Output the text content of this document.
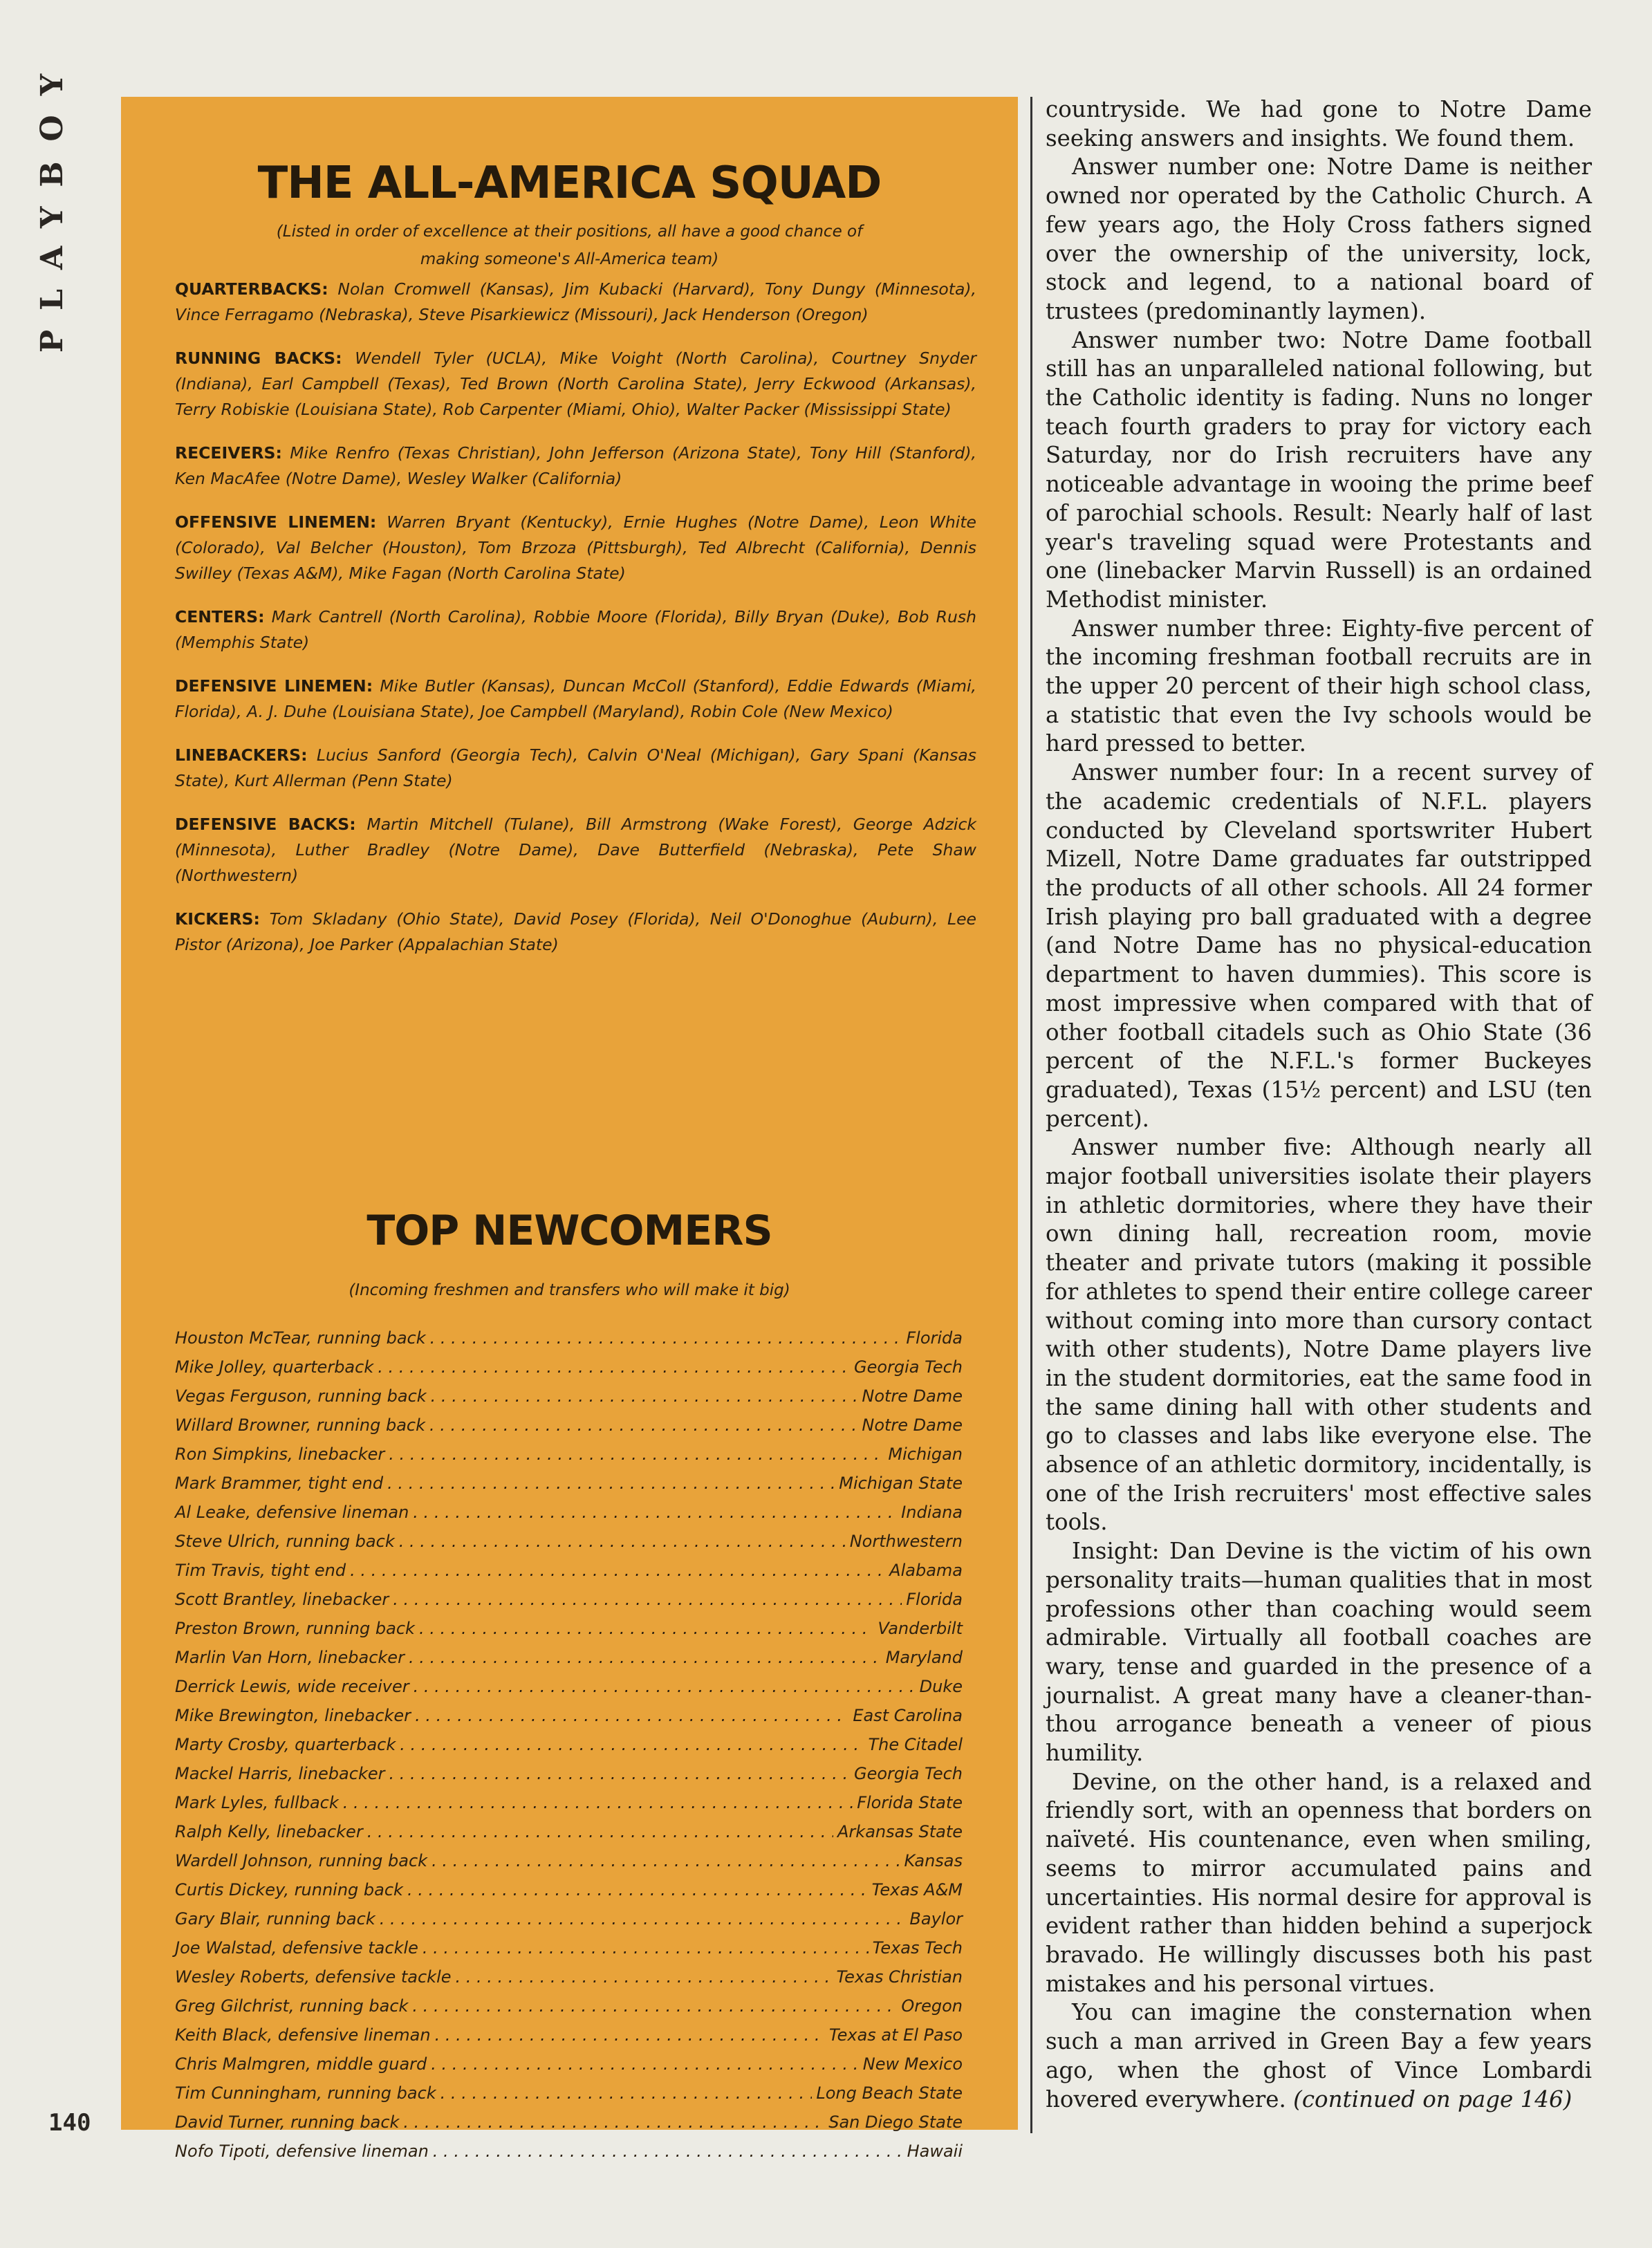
PLAYBOY
140
THE ALL-AMERICA SQUAD
(Listed in order of excellence at their positions, all have a good chance of making someone's All-America team)

QUARTERBACKS: Nolan Cromwell (Kansas), Jim Kubacki (Harvard), Tony Dungy (Minnesota), Vince Ferragamo (Nebraska), Steve Pisarkiewicz (Missouri), Jack Henderson (Oregon)

RUNNING BACKS: Wendell Tyler (UCLA), Mike Voight (North Carolina), Courtney Snyder (Indiana), Earl Campbell (Texas), Ted Brown (North Carolina State), Jerry Eckwood (Arkansas), Terry Robiskie (Louisiana State), Rob Carpenter (Miami, Ohio), Walter Packer (Mississippi State)

RECEIVERS: Mike Renfro (Texas Christian), John Jefferson (Arizona State), Tony Hill (Stanford), Ken MacAfee (Notre Dame), Wesley Walker (California)

OFFENSIVE LINEMEN: Warren Bryant (Kentucky), Ernie Hughes (Notre Dame), Leon White (Colorado), Val Belcher (Houston), Tom Brzoza (Pittsburgh), Ted Albrecht (California), Dennis Swilley (Texas A&M), Mike Fagan (North Carolina State)

CENTERS: Mark Cantrell (North Carolina), Robbie Moore (Florida), Billy Bryan (Duke), Bob Rush (Memphis State)

DEFENSIVE LINEMEN: Mike Butler (Kansas), Duncan McColl (Stanford), Eddie Edwards (Miami, Florida), A. J. Duhe (Louisiana State), Joe Campbell (Maryland), Robin Cole (New Mexico)

LINEBACKERS: Lucius Sanford (Georgia Tech), Calvin O'Neal (Michigan), Gary Spani (Kansas State), Kurt Allerman (Penn State)

DEFENSIVE BACKS: Martin Mitchell (Tulane), Bill Armstrong (Wake Forest), George Adzick (Minnesota), Luther Bradley (Notre Dame), Dave Butterfield (Nebraska), Pete Shaw (Northwestern)

KICKERS: Tom Skladany (Ohio State), David Posey (Florida), Neil O'Donoghue (Auburn), Lee Pistor (Arizona), Joe Parker (Appalachian State)

TOP NEWCOMERS
(Incoming freshmen and transfers who will make it big)
Houston McTear, running back . . .	Florida
Mike Jolley, quarterback . . .	Georgia Tech
Vegas Ferguson, running back . . .	Notre Dame
Willard Browner, running back . . .	Notre Dame
Ron Simpkins, linebacker . . .	Michigan
Mark Brammer, tight end . . .	Michigan State
Al Leake, defensive lineman . . .	Indiana
Steve Ulrich, running back . . .	Northwestern
Tim Travis, tight end . . .	Alabama
Scott Brantley, linebacker . . .	Florida
Preston Brown, running back . . .	Vanderbilt
Marlin Van Horn, linebacker . . .	Maryland
Derrick Lewis, wide receiver . . .	Duke
Mike Brewington, linebacker . . .	East Carolina
Marty Crosby, quarterback . . .	The Citadel
Mackel Harris, linebacker . . .	Georgia Tech
Mark Lyles, fullback . . .	Florida State
Ralph Kelly, linebacker . . .	Arkansas State
Wardell Johnson, running back . . .	Kansas
Curtis Dickey, running back . . .	Texas A&M
Gary Blair, running back . . .	Baylor
Joe Walstad, defensive tackle . . .	Texas Tech
Wesley Roberts, defensive tackle . . .	Texas Christian
Greg Gilchrist, running back . . .	Oregon
Keith Black, defensive lineman . . .	Texas at El Paso
Chris Malmgren, middle guard . . .	New Mexico
Tim Cunningham, running back . . .	Long Beach State
David Turner, running back . . .	San Diego State
Nofo Tipoti, defensive lineman . . .	Hawaii

countryside. We had gone to Notre Dame seeking answers and insights. We found them.

Answer number one: Notre Dame is neither owned nor operated by the Catholic Church. A few years ago, the Holy Cross fathers signed over the ownership of the university, lock, stock and legend, to a national board of trustees (predominantly laymen).

Answer number two: Notre Dame football still has an unparalleled national following, but the Catholic identity is fading. Nuns no longer teach fourth graders to pray for victory each Saturday, nor do Irish recruiters have any noticeable advantage in wooing the prime beef of parochial schools. Result: Nearly half of last year's traveling squad were Protestants and one (linebacker Marvin Russell) is an ordained Methodist minister.

Answer number three: Eighty-five percent of the incoming freshman football recruits are in the upper 20 percent of their high school class, a statistic that even the Ivy schools would be hard pressed to better.

Answer number four: In a recent survey of the academic credentials of N.F.L. players conducted by Cleveland sportswriter Hubert Mizell, Notre Dame graduates far outstripped the products of all other schools. All 24 former Irish playing pro ball graduated with a degree (and Notre Dame has no physical-education department to haven dummies). This score is most impressive when compared with that of other football citadels such as Ohio State (36 percent of the N.F.L.'s former Buckeyes graduated), Texas (15½ percent) and LSU (ten percent).

Answer number five: Although nearly all major football universities isolate their players in athletic dormitories, where they have their own dining hall, recreation room, movie theater and private tutors (making it possible for athletes to spend their entire college career without coming into more than cursory contact with other students), Notre Dame players live in the student dormitories, eat the same food in the same dining hall with other students and go to classes and labs like everyone else. The absence of an athletic dormitory, incidentally, is one of the Irish recruiters' most effective sales tools.

Insight: Dan Devine is the victim of his own personality traits—human qualities that in most professions other than coaching would seem admirable. Virtually all football coaches are wary, tense and guarded in the presence of a journalist. A great many have a cleaner-than-thou arrogance beneath a veneer of pious humility.

Devine, on the other hand, is a relaxed and friendly sort, with an openness that borders on naïveté. His countenance, even when smiling, seems to mirror accumulated pains and uncertainties. His normal desire for approval is evident rather than hidden behind a superjock bravado. He willingly discusses both his past mistakes and his personal virtues.

You can imagine the consternation when such a man arrived in Green Bay a few years ago, when the ghost of Vince Lombardi hovered everywhere. (continued on page 146)
